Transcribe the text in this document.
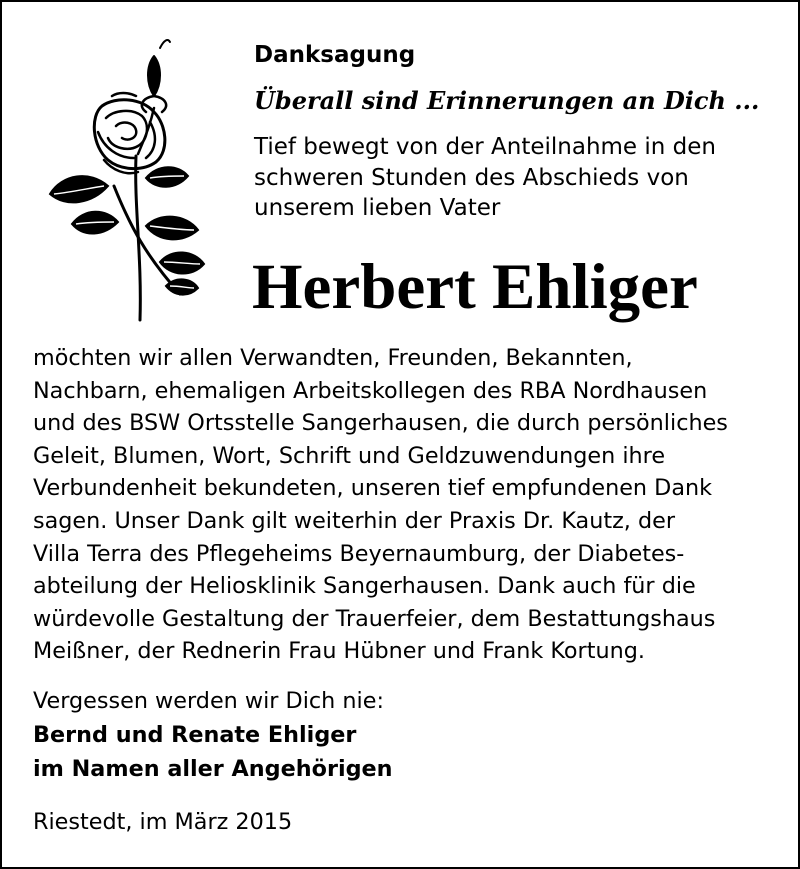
Danksagung
Überall sind Erinnerungen an Dich ...
Tief bewegt von der Anteilnahme in den
schweren Stunden des Abschieds von
unserem lieben Vater
Herbert Ehliger
möchten wir allen Verwandten, Freunden, Bekannten,
Nachbarn, ehemaligen Arbeitskollegen des RBA Nordhausen
und des BSW Ortsstelle Sangerhausen, die durch persönliches
Geleit, Blumen, Wort, Schrift und Geldzuwendungen ihre
Verbundenheit bekundeten, unseren tief empfundenen Dank
sagen. Unser Dank gilt weiterhin der Praxis Dr. Kautz, der
Villa Terra des Pflegeheims Beyernaumburg, der Diabetes-
abteilung der Heliosklinik Sangerhausen. Dank auch für die
würdevolle Gestaltung der Trauerfeier, dem Bestattungshaus
Meißner, der Rednerin Frau Hübner und Frank Kortung.
Vergessen werden wir Dich nie:
Bernd und Renate Ehliger
im Namen aller Angehörigen
Riestedt, im März 2015
